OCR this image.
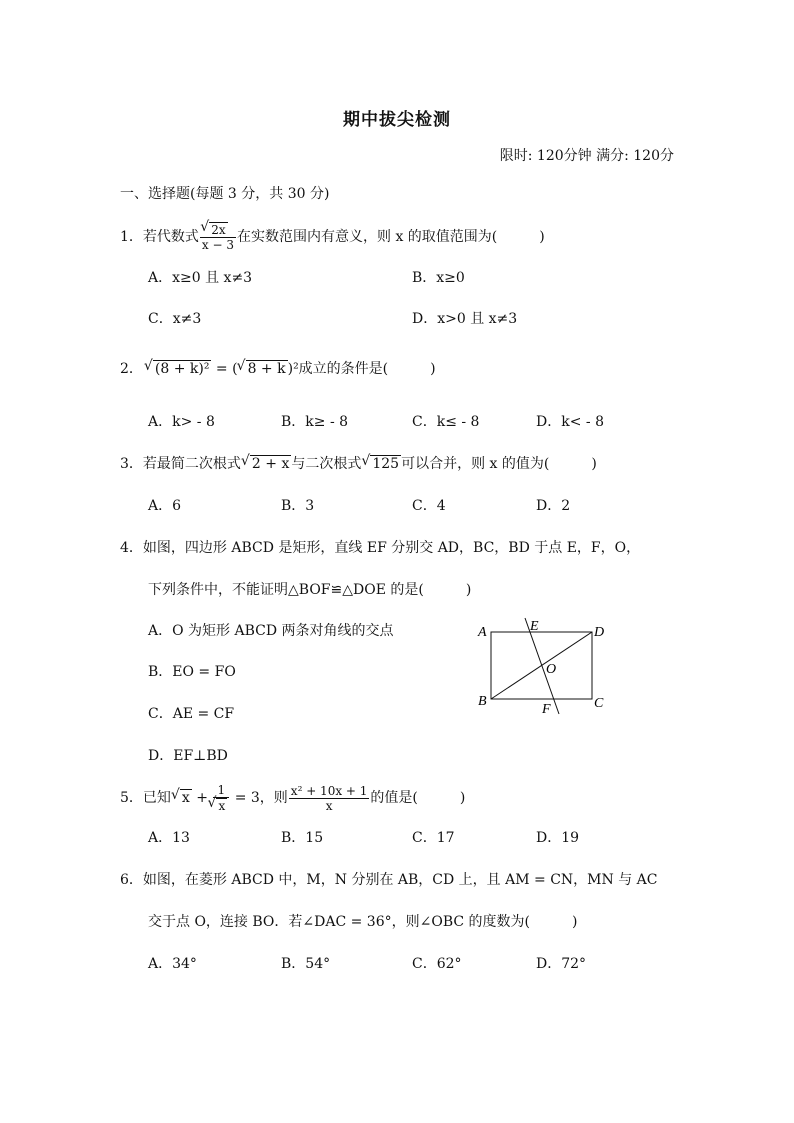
期中拔尖检测
限时: 120分钟 满分: 120分
一、选择题(每题 3 分，共 30 分)
1．若代数式 √ $\frac{2x}{x - 3}$ 在实数范围内有意义，则 x 的取值范围为(	)
A．x≥0 且 x≠3	B．x≥0
C．x≠3	D．x>0 且 x≠3
2． √ (8 + k)² = ( √ 8 + k )²成立的条件是(	)
A．k> - 8	B．k≥ - 8	C．k≤ - 8	D．k< - 8
3．若最简二次根式 √ 2 + x 与二次根式 √ 125 可以合并，则 x 的值为(	)
A．6	B．3	C．4	D．2
4．如图，四边形 ABCD 是矩形，直线 EF 分别交 AD，BC，BD 于点 E，F，O，
下列条件中，不能证明△BOF≌△DOE 的是(	)
A．O 为矩形 ABCD 两条对角线的交点
B．EO = FO
C．AE = CF
D．EF⊥BD
A
B	C
D
E
F
O
5．已知 √ x + 1
√ x = 3，则 $\frac{\text{x² + 10x + 1}}{x}$ 的值是(	)
A．13	B．15	C．17	D．19
6．如图，在菱形 ABCD 中，M，N 分别在 AB，CD 上，且 AM = CN，MN 与 AC
交于点 O，连接 BO．若∠DAC = 36°，则∠OBC 的度数为(	)
A．34°	B．54°	C．62°	D．72°
